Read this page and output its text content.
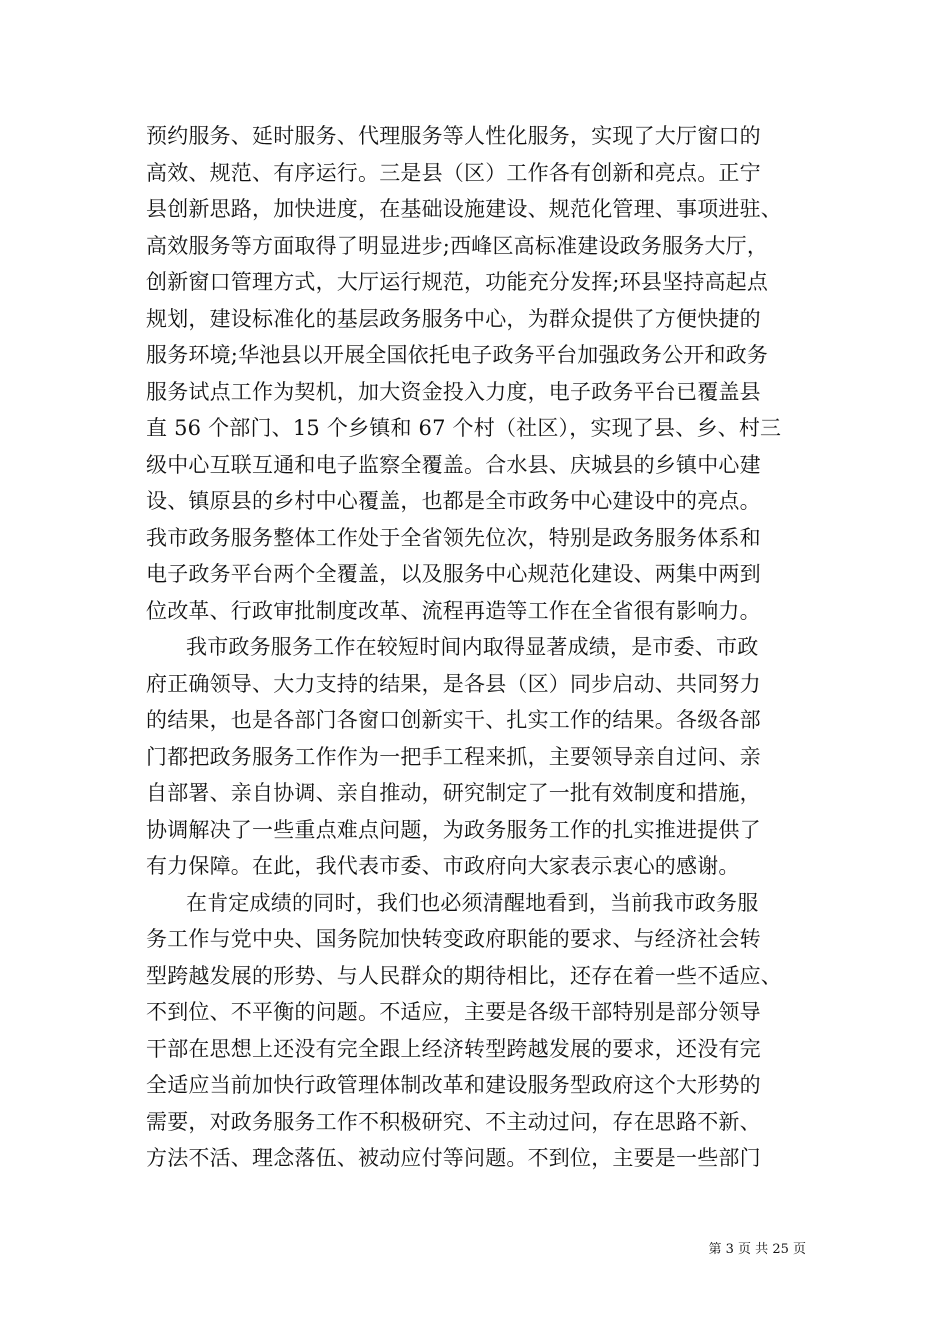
预约服务、延时服务、代理服务等人性化服务，实现了大厅窗口的
高效、规范、有序运行。三是县（区）工作各有创新和亮点。正宁
县创新思路，加快进度，在基础设施建设、规范化管理、事项进驻、
高效服务等方面取得了明显进步;西峰区高标准建设政务服务大厅，
创新窗口管理方式，大厅运行规范，功能充分发挥;环县坚持高起点
规划，建设标准化的基层政务服务中心，为群众提供了方便快捷的
服务环境;华池县以开展全国依托电子政务平台加强政务公开和政务
服务试点工作为契机，加大资金投入力度，电子政务平台已覆盖县
直 56 个部门、15 个乡镇和 67 个村（社区），实现了县、乡、村三
级中心互联互通和电子监察全覆盖。合水县、庆城县的乡镇中心建
设、镇原县的乡村中心覆盖，也都是全市政务中心建设中的亮点。
我市政务服务整体工作处于全省领先位次，特别是政务服务体系和
电子政务平台两个全覆盖，以及服务中心规范化建设、两集中两到
位改革、行政审批制度改革、流程再造等工作在全省很有影响力。
我市政务服务工作在较短时间内取得显著成绩，是市委、市政
府正确领导、大力支持的结果，是各县（区）同步启动、共同努力
的结果，也是各部门各窗口创新实干、扎实工作的结果。各级各部
门都把政务服务工作作为一把手工程来抓，主要领导亲自过问、亲
自部署、亲自协调、亲自推动，研究制定了一批有效制度和措施，
协调解决了一些重点难点问题，为政务服务工作的扎实推进提供了
有力保障。在此，我代表市委、市政府向大家表示衷心的感谢。
在肯定成绩的同时，我们也必须清醒地看到，当前我市政务服
务工作与党中央、国务院加快转变政府职能的要求、与经济社会转
型跨越发展的形势、与人民群众的期待相比，还存在着一些不适应、
不到位、不平衡的问题。不适应，主要是各级干部特别是部分领导
干部在思想上还没有完全跟上经济转型跨越发展的要求，还没有完
全适应当前加快行政管理体制改革和建设服务型政府这个大形势的
需要，对政务服务工作不积极研究、不主动过问，存在思路不新、
方法不活、理念落伍、被动应付等问题。不到位，主要是一些部门
第 3 页 共 25 页
